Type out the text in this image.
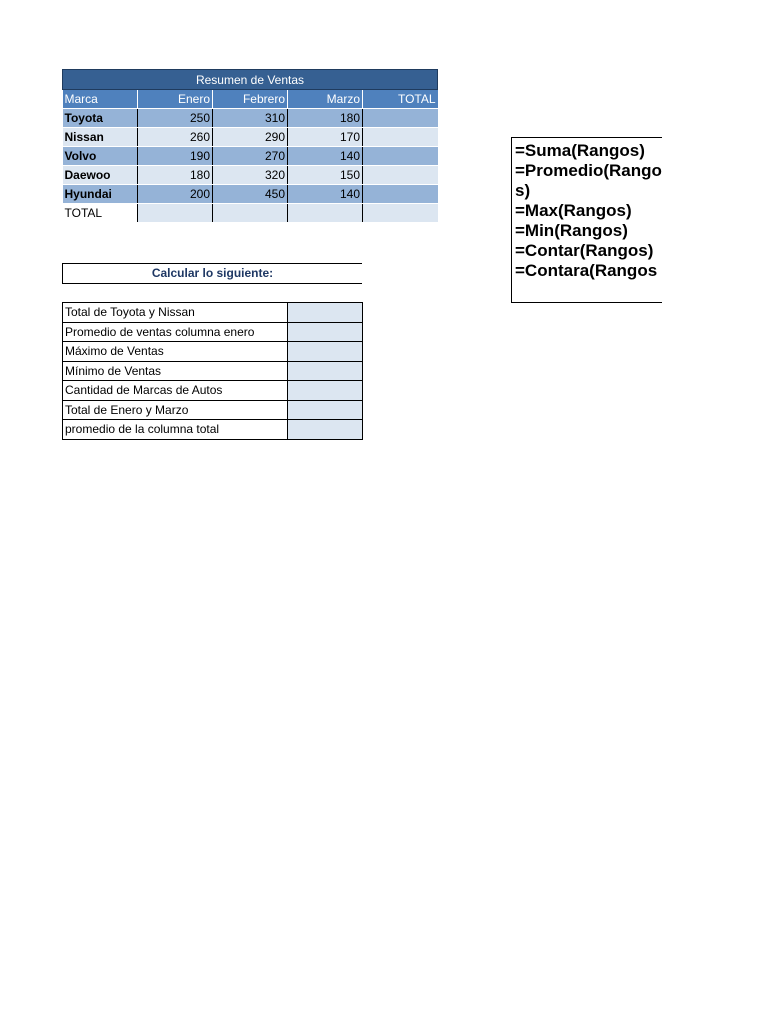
Resumen de Ventas				
Marca	Enero	Febrero	Marzo	TOTAL
Toyota	250	310	180	
Nissan	260	290	170	
Volvo	190	270	140	
Daewoo	180	320	150	
Hyundai	200	450	140	
TOTAL				
Calcular lo siguiente:
Total de Toyota y Nissan	
Promedio de ventas columna enero	
Máximo de Ventas	
Mínimo de Ventas	
Cantidad de Marcas de Autos	
Total de Enero y Marzo	
promedio de la columna total	
=Suma(Rangos)
=Promedio(Rango
s)
=Max(Rangos)
=Min(Rangos)
=Contar(Rangos)
=Contara(Rangos
